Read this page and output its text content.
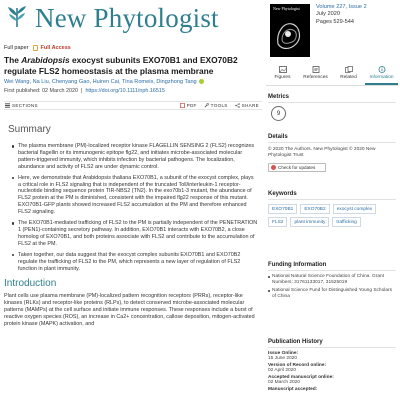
New Phytologist
Full paper Full Access
The Arabidopsis exocyst subunits EXO70B1 and EXO70B2 regulate FLS2 homeostasis at the plasma membrane
Wei Wang, Na Liu, Chenyang Gao, Huiren Cai, Tina Romeis, Dingzhong Tang
First published: 02 March 2020  |  https://doi.org/10.1111/nph.16515
SECTIONS	PDF	TOOLS	SHARE
Summary
The plasma membrane (PM)-localized receptor kinase FLAGELLIN SENSING 2 (FLS2) recognizes bacterial flagellin or its immunogenic epitope flg22, and initiates microbe-associated molecular pattern-triggered immunity, which inhibits infection by bacterial pathogens. The localization, abundance and activity of FLS2 are under dynamic control.
Here, we demonstrate that Arabidopsis thaliana EXO70B1, a subunit of the exocyst complex, plays a critical role in FLS2 signaling that is independent of the truncated Toll/interleukin-1 receptor-nucleotide binding sequence protein TIR-NBS2 (TN2). In the exo70b1-3 mutant, the abundance of FLS2 protein at the PM is diminished, consistent with the impaired flg22 response of this mutant. EXO70B1-GFP plants showed increased FLS2 accumulation at the PM and therefore enhanced FLS2 signaling.
The EXO70B1-mediated trafficking of FLS2 to the PM is partially independent of the PENETRATION 1 (PEN1)-containing secretory pathway. In addition, EXO70B1 interacts with EXO70B2, a close homolog of EXO70B1, and both proteins associate with FLS2 and contribute to the accumulation of FLS2 at the PM.
Taken together, our data suggest that the exocyst complex subunits EXO70B1 and EXO70B2 regulate the trafficking of FLS2 to the PM, which represents a new layer of regulation of FLS2 function in plant immunity.
Introduction

Plant cells use plasma membrane (PM)-localized pattern recognition receptors (PRRs), receptor-like kinases (RLKs) and receptor-like proteins (RLPs), to detect conserved microbe-associated molecular patterns (MAMPs) at the cell surface and initiate immune responses. These responses include a burst of reactive oxygen species (ROS), an increase in Ca2+ concentration, callose deposition, mitogen-activated protein kinase (MAPK) activation, and

New Phytologist	Volume 227, Issue 2
July 2020
Pages 529-544
Figures	References	Related	Information
Metrics
9
Details

© 2020 The Authors. New Phytologist © 2020 New Phytologist Trust

Check for updates
Keywords
EXO70B1	EXO70B2	exocyst complex
FLS2	plant immunity	trafficking
Funding Information
National Natural Science Foundation of China. Grant Numbers: 31761133017, 31525019
National Science Fund for Distinguished Young Scholars of China
Publication History
Issue Online:
15 June 2020
Version of Record online:
02 April 2020
Accepted manuscript online:
02 March 2020
Manuscript accepted:
